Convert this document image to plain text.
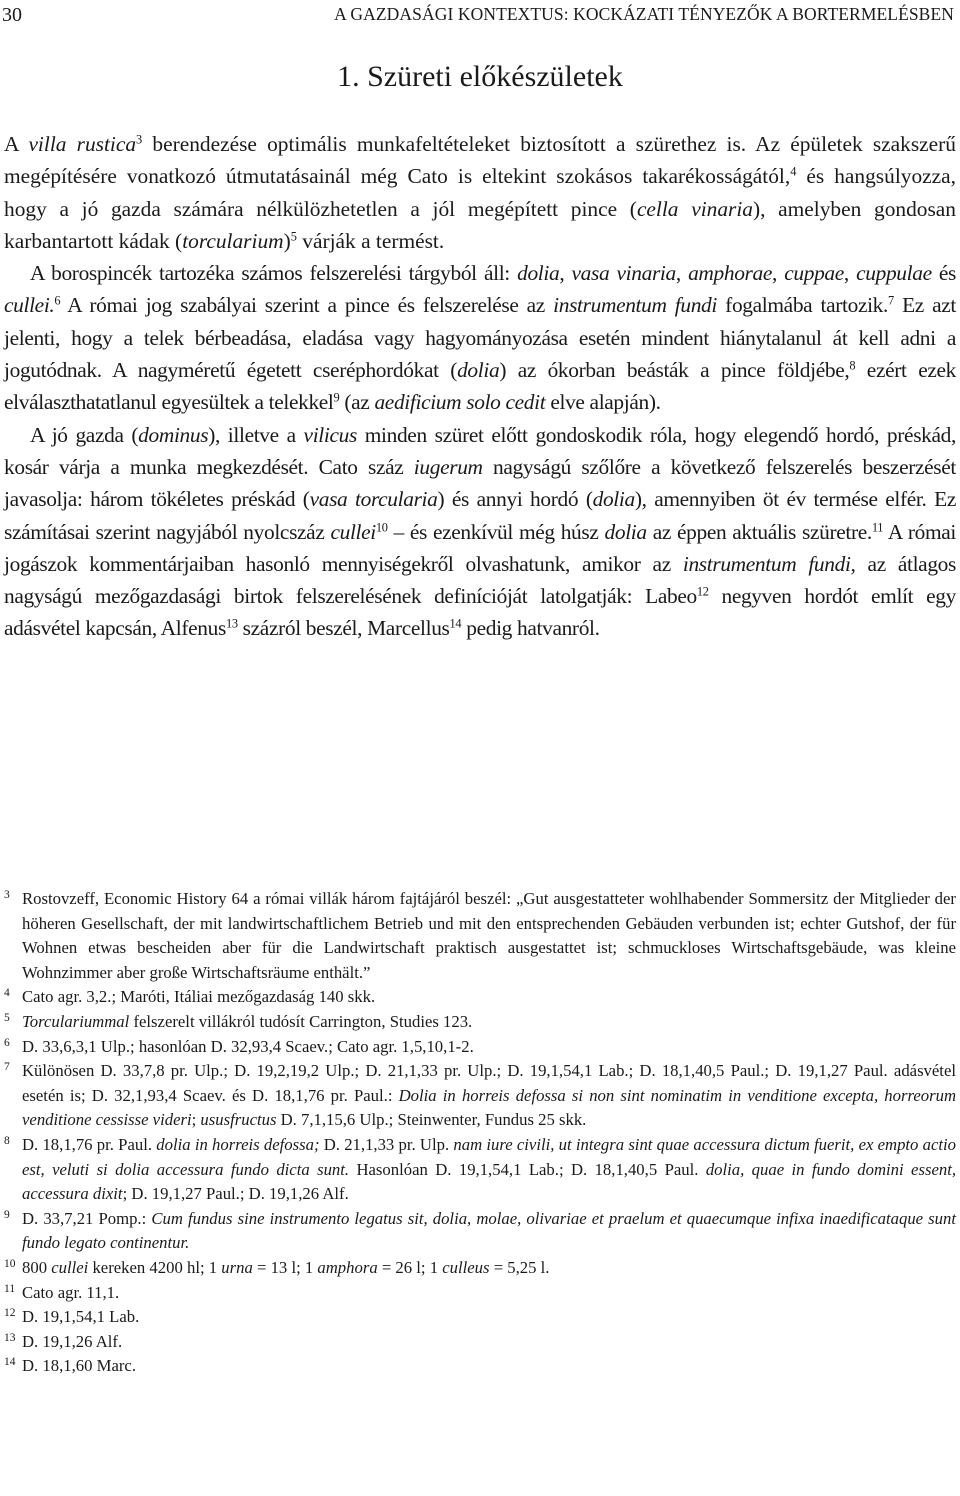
30	A GAZDASÁGI KONTEXTUS: KOCKÁZATI TÉNYEZŐK A BORTERMELÉSBEN
1. Szüreti előkészületek

A villa rustica$^3$ berendezése optimális munkafeltételeket biztosított a szürethez is. Az épületek szakszerű megépítésére vonatkozó útmutatásainál még Cato is eltekint szokásos takarékosságától,$^4$ és hangsúlyozza, hogy a jó gazda számára nélkülözhetetlen a jól megépített pince (cella vinaria), amelyben gondosan karbantartott kádak (torcularium)$^5$ várják a termést.

A borospincék tartozéka számos felszerelési tárgyból áll: dolia, vasa vinaria, amphorae, cuppae, cuppulae és cullei.$^6$ A római jog szabályai szerint a pince és felszerelése az instrumentum fundi fogalmába tartozik.$^7$ Ez azt jelenti, hogy a telek bérbeadása, eladása vagy hagyományozása esetén mindent hiánytalanul át kell adni a jogutódnak. A nagyméretű égetett cseréphordókat (dolia) az ókorban beásták a pince földjébe,$^8$ ezért ezek elválaszthatatlanul egyesültek a telekkel$^9$ (az aedificium solo cedit elve alapján).

A jó gazda (dominus), illetve a vilicus minden szüret előtt gondoskodik róla, hogy elegendő hordó, préskád, kosár várja a munka megkezdését. Cato száz iugerum nagyságú szőlőre a következő felszerelés beszerzését javasolja: három tökéletes préskád (vasa torcularia) és annyi hordó (dolia), amennyiben öt év termése elfér. Ez számításai szerint nagyjából nyolcszáz cullei$^{10}$ – és ezenkívül még húsz dolia az éppen aktuális szüretre.$^{11}$ A római jogászok kommentárjaiban hasonló mennyiségekről olvashatunk, amikor az instrumentum fundi, az átlagos nagyságú mezőgazdasági birtok felszerelésének definícióját latolgatják: Labeo$^{12}$ negyven hordót említ egy adásvétel kapcsán, Alfenus$^{13}$ százról beszél, Marcellus$^{14}$ pedig hatvanról.

3 Rostovzeff, Economic History 64 a római villák három fajtájáról beszél: „Gut ausgestatteter wohlhabender Sommersitz der Mitglieder der höheren Gesellschaft, der mit landwirtschaftlichem Betrieb und mit den entsprechenden Gebäuden verbunden ist; echter Gutshof, der für Wohnen etwas bescheiden aber für die Landwirtschaft praktisch ausgestattet ist; schmuckloses Wirtschaftsgebäude, was kleine Wohnzimmer aber große Wirtschaftsräume enthält.”

4 Cato agr. 3,2.; Maróti, Itáliai mezőgazdaság 140 skk.

5 Torculariummal felszerelt villákról tudósít Carrington, Studies 123.

6 D. 33,6,3,1 Ulp.; hasonlóan D. 32,93,4 Scaev.; Cato agr. 1,5,10,1-2.

7 Különösen D. 33,7,8 pr. Ulp.; D. 19,2,19,2 Ulp.; D. 21,1,33 pr. Ulp.; D. 19,1,54,1 Lab.; D. 18,1,40,5 Paul.; D. 19,1,27 Paul. adásvétel esetén is; D. 32,1,93,4 Scaev. és D. 18,1,76 pr. Paul.: Dolia in horreis defossa si non sint nominatim in venditione excepta, horreorum venditione cessisse videri; ususfructus D. 7,1,15,6 Ulp.; Steinwenter, Fundus 25 skk.

8 D. 18,1,76 pr. Paul. dolia in horreis defossa; D. 21,1,33 pr. Ulp. nam iure civili, ut integra sint quae accessura dictum fuerit, ex empto actio est, veluti si dolia accessura fundo dicta sunt. Hasonlóan D. 19,1,54,1 Lab.; D. 18,1,40,5 Paul. dolia, quae in fundo domini essent, accessura dixit; D. 19,1,27 Paul.; D. 19,1,26 Alf.

9 D. 33,7,21 Pomp.: Cum fundus sine instrumento legatus sit, dolia, molae, olivariae et praelum et quaecumque infixa inaedificataque sunt fundo legato continentur.

10 800 cullei kereken 4200 hl; 1 urna = 13 l; 1 amphora = 26 l; 1 culleus = 5,25 l.

11 Cato agr. 11,1.

12 D. 19,1,54,1 Lab.

13 D. 19,1,26 Alf.

14 D. 18,1,60 Marc.
